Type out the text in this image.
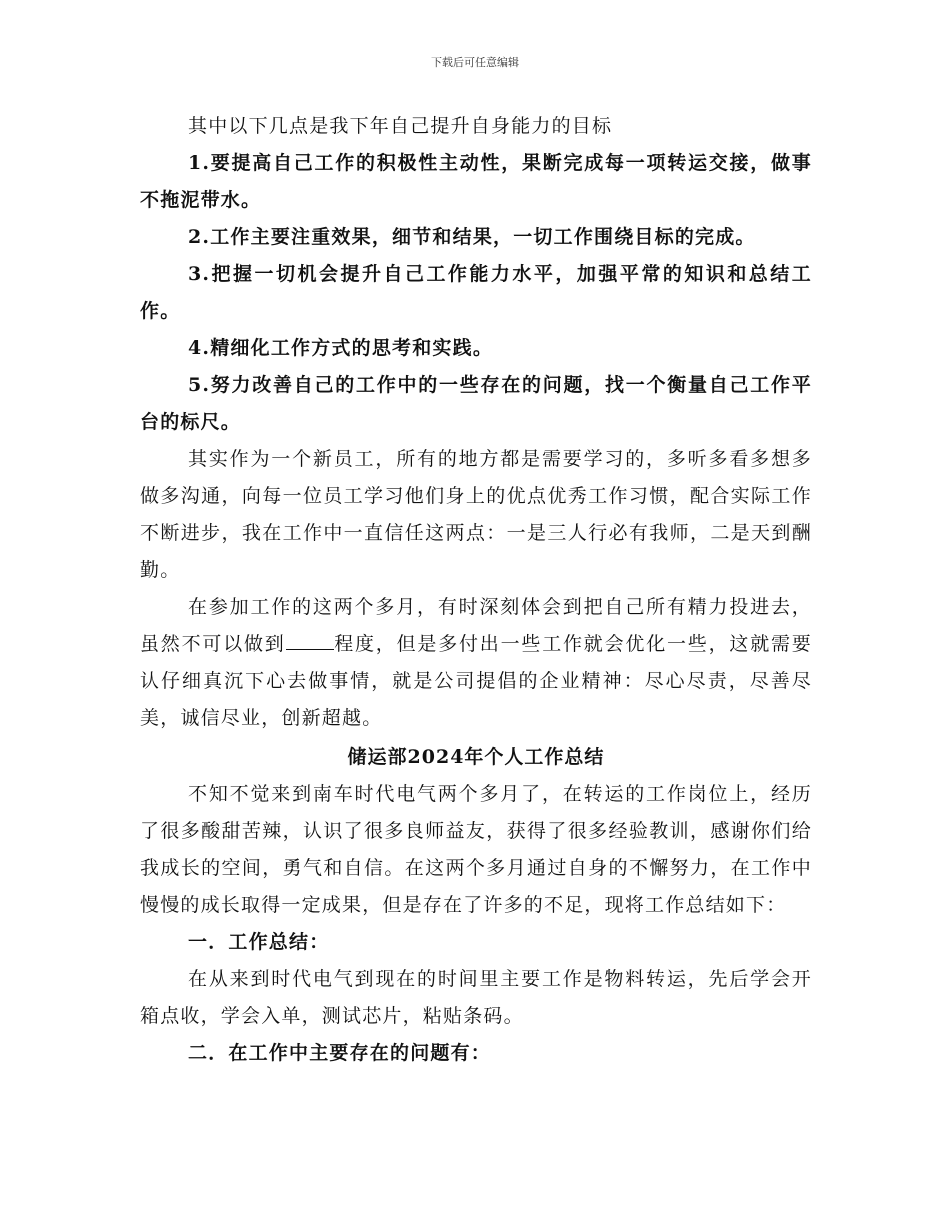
下载后可任意编辑

其中以下几点是我下年自己提升自身能力的目标

1.要提高自己工作的积极性主动性，果断完成每一项转运交接，做事不拖泥带水。

2.工作主要注重效果，细节和结果，一切工作围绕目标的完成。

3.把握一切机会提升自己工作能力水平，加强平常的知识和总结工作。

4.精细化工作方式的思考和实践。

5.努力改善自己的工作中的一些存在的问题，找一个衡量自己工作平台的标尺。

其实作为一个新员工，所有的地方都是需要学习的，多听多看多想多做多沟通，向每一位员工学习他们身上的优点优秀工作习惯，配合实际工作不断进步，我在工作中一直信任这两点：一是三人行必有我师，二是天到酬勤。

在参加工作的这两个多月，有时深刻体会到把自己所有精力投进去，虽然不可以做到	程度，但是多付出一些工作就会优化一些，这就需要认仔细真沉下心去做事情，就是公司提倡的企业精神：尽心尽责，尽善尽美，诚信尽业，创新超越。

储运部2024年个人工作总结

不知不觉来到南车时代电气两个多月了，在转运的工作岗位上，经历了很多酸甜苦辣，认识了很多良师益友，获得了很多经验教训，感谢你们给我成长的空间，勇气和自信。在这两个多月通过自身的不懈努力，在工作中慢慢的成长取得一定成果，但是存在了许多的不足，现将工作总结如下：

一．工作总结：

在从来到时代电气到现在的时间里主要工作是物料转运，先后学会开箱点收，学会入单，测试芯片，粘贴条码。

二．在工作中主要存在的问题有：
